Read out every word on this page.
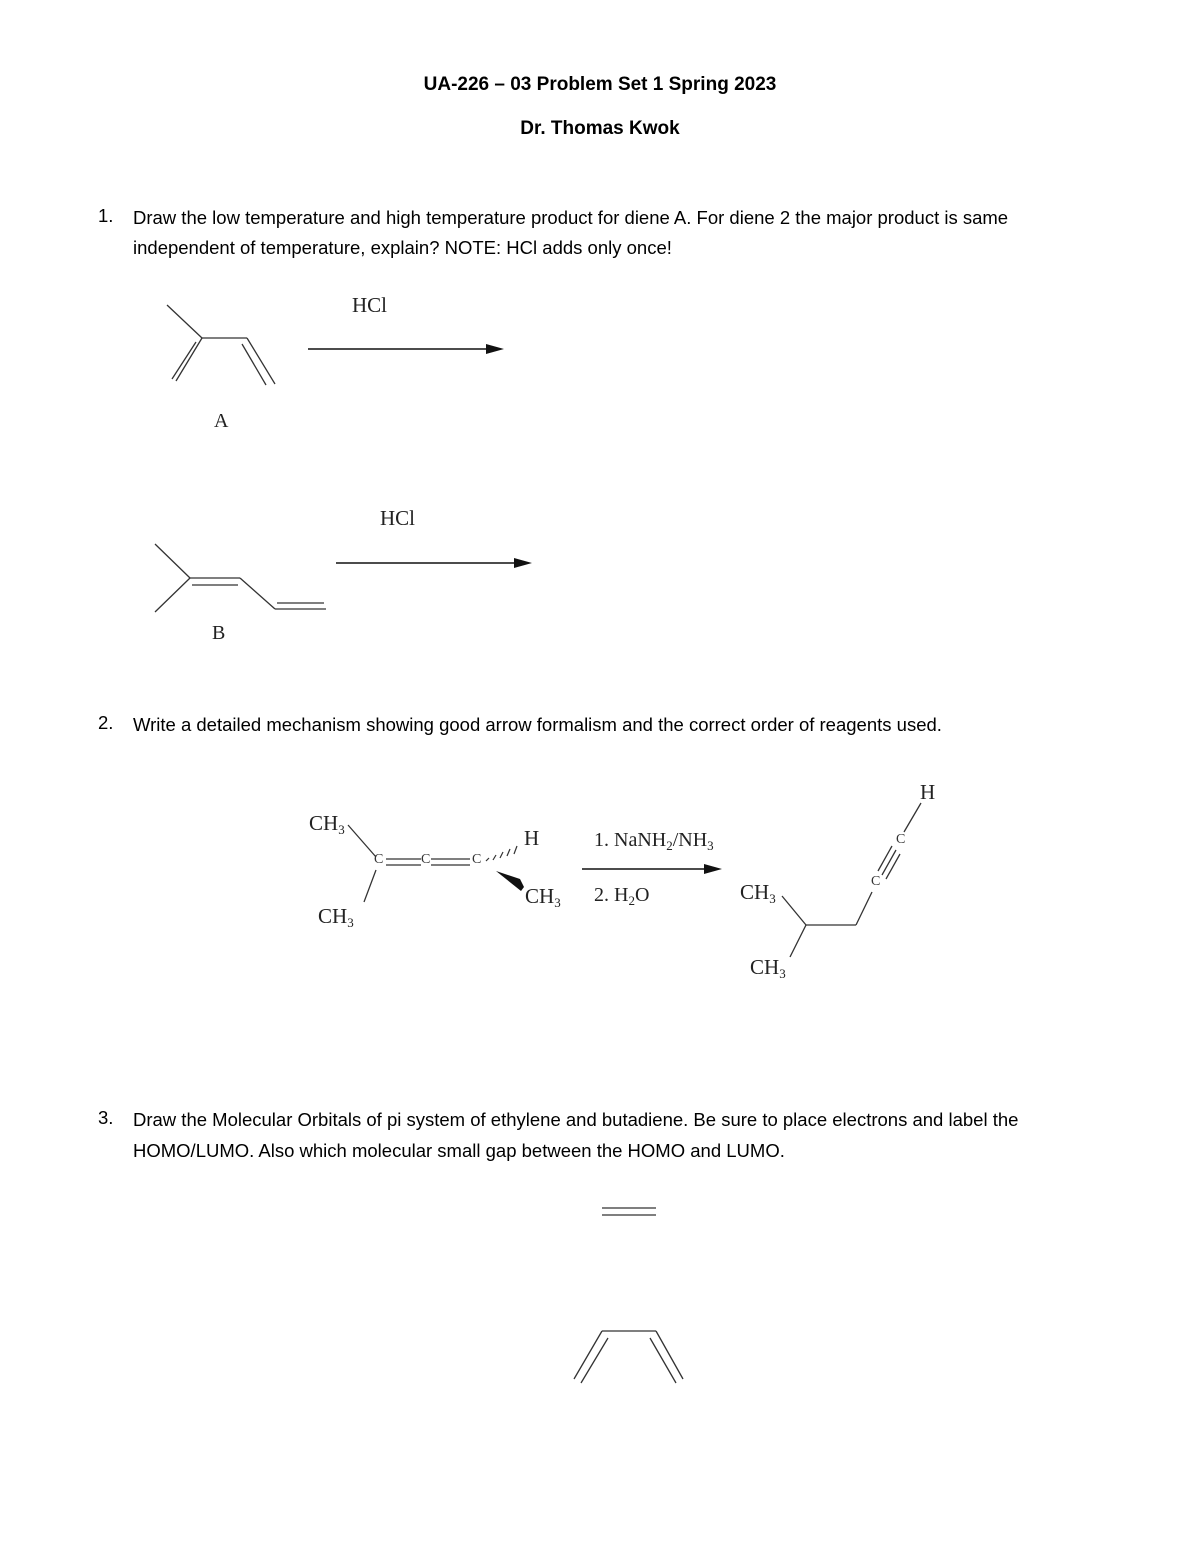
UA-226 – 03 Problem Set 1 Spring 2023
Dr. Thomas Kwok
1. Draw the low temperature and high temperature product for diene A. For diene 2 the major product is same
independent of temperature, explain? NOTE: HCl adds only once!
2. Write a detailed mechanism showing good arrow formalism and the correct order of reagents used.
3. Draw the Molecular Orbitals of pi system of ethylene and butadiene. Be sure to place electrons and label the
HOMO/LUMO. Also which molecular small gap between the HOMO and LUMO.
HCl
A
HCl
B
$CH_3$
$CH_3$
C	C	C
H
$CH_3$
1. $NaNH_2/NH_3$
2. $H_2O$	$CH_3$
$CH_3$
C
C
H
